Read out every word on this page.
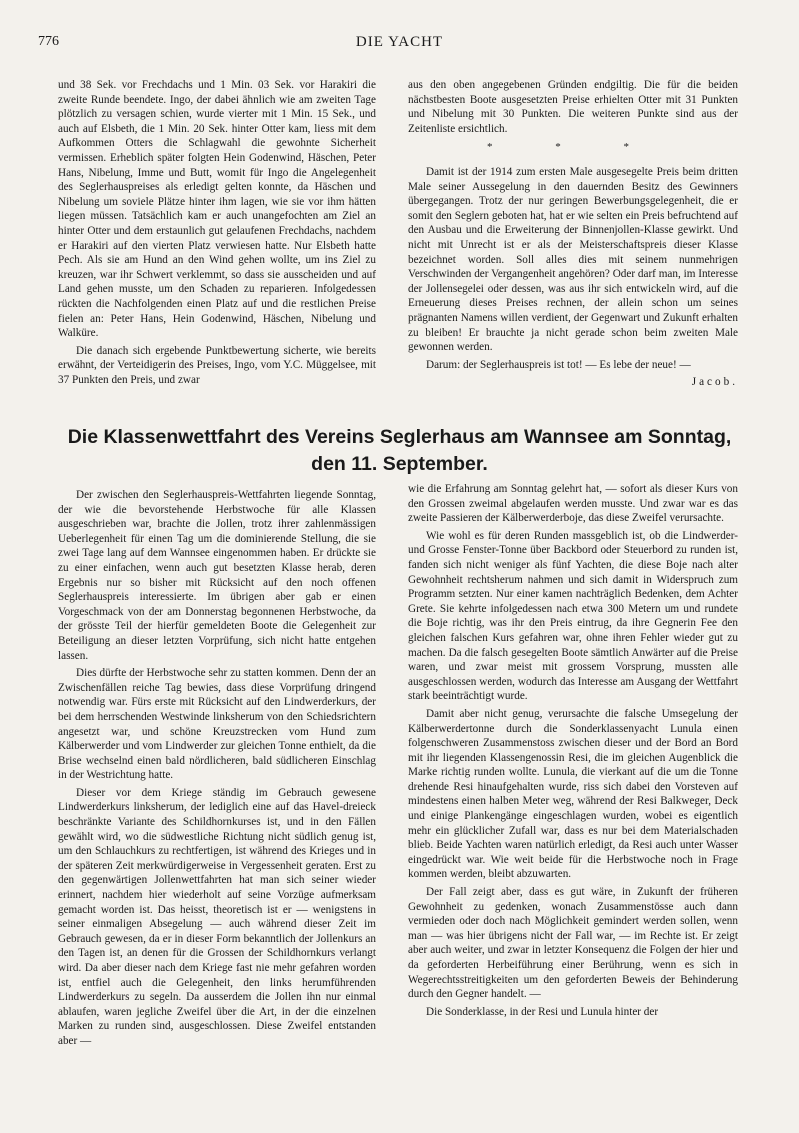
776	DIE YACHT

und 38 Sek. vor Frechdachs und 1 Min. 03 Sek. vor Harakiri die zweite Runde beendete. Ingo, der dabei ähnlich wie am zweiten Tage plötzlich zu versagen schien, wurde vierter mit 1 Min. 15 Sek., und auch auf Elsbeth, die 1 Min. 20 Sek. hinter Otter kam, liess mit dem Aufkommen Otters die Schlagwahl die gewohnte Sicherheit vermissen. Erheblich später folgten Hein Godenwind, Häschen, Peter Hans, Nibelung, Imme und Butt, womit für Ingo die Angelegenheit des Seglerhauspreises als erledigt gelten konnte, da Häschen und Nibelung um soviele Plätze hinter ihm lagen, wie sie vor ihm hätten liegen müssen. Tatsächlich kam er auch unangefochten am Ziel an hinter Otter und dem erstaunlich gut gelaufenen Frechdachs, nachdem er Harakiri auf den vierten Platz verwiesen hatte. Nur Elsbeth hatte Pech. Als sie am Hund an den Wind gehen wollte, um ins Ziel zu kreuzen, war ihr Schwert verklemmt, so dass sie ausscheiden und auf Land gehen musste, um den Schaden zu reparieren. Infolgedessen rückten die Nachfolgenden einen Platz auf und die restlichen Preise fielen an: Peter Hans, Hein Godenwind, Häschen, Nibelung und Walküre.

Die danach sich ergebende Punktbewertung sicherte, wie bereits erwähnt, der Verteidigerin des Preises, Ingo, vom Y.C. Müggelsee, mit 37 Punkten den Preis, und zwar

aus den oben angegebenen Gründen endgiltig. Die für die beiden nächstbesten Boote ausgesetzten Preise erhielten Otter mit 31 Punkten und Nibelung mit 30 Punkten. Die weiteren Punkte sind aus der Zeitenliste ersichtlich.

* * *

Damit ist der 1914 zum ersten Male ausgesegelte Preis beim dritten Male seiner Aussegelung in den dauernden Besitz des Gewinners übergegangen. Trotz der nur geringen Bewerbungsgelegenheit, die er somit den Seglern geboten hat, hat er wie selten ein Preis befruchtend auf den Ausbau und die Erweiterung der Binnenjollen-Klasse gewirkt. Und nicht mit Unrecht ist er als der Meisterschaftspreis dieser Klasse bezeichnet worden. Soll alles dies mit seinem nunmehrigen Verschwinden der Vergangenheit angehören? Oder darf man, im Interesse der Jollensegelei oder dessen, was aus ihr sich entwickeln wird, auf die Erneuerung dieses Preises rechnen, der allein schon um seines prägnanten Namens willen verdient, der Gegenwart und Zukunft erhalten zu bleiben! Er brauchte ja nicht gerade schon beim zweiten Male gewonnen werden.

Darum: der Seglerhauspreis ist tot! — Es lebe der neue! —

Jacob.
Die Klassenwettfahrt des Vereins Seglerhaus am Wannsee am Sonntag,
den 11. September.

Der zwischen den Seglerhauspreis-Wettfahrten liegende Sonntag, der wie die bevorstehende Herbstwoche für alle Klassen ausgeschrieben war, brachte die Jollen, trotz ihrer zahlenmässigen Ueberlegenheit für einen Tag um die dominierende Stellung, die sie zwei Tage lang auf dem Wannsee eingenommen haben. Er drückte sie zu einer einfachen, wenn auch gut besetzten Klasse herab, deren Ergebnis nur so bisher mit Rücksicht auf den noch offenen Seglerhauspreis interessierte. Im übrigen aber gab er einen Vorgeschmack von der am Donnerstag begonnenen Herbstwoche, da der grösste Teil der hierfür gemeldeten Boote die Gelegenheit zur Beteiligung an dieser letzten Vorprüfung, sich nicht hatte entgehen lassen.

Dies dürfte der Herbstwoche sehr zu statten kommen. Denn der an Zwischenfällen reiche Tag bewies, dass diese Vorprüfung dringend notwendig war. Fürs erste mit Rücksicht auf den Lindwerderkurs, der bei dem herrschenden Westwinde linksherum von den Schiedsrichtern angesetzt war, und schöne Kreuzstrecken vom Hund zum Kälberwerder und vom Lindwerder zur gleichen Tonne enthielt, da die Brise wechselnd einen bald nördlicheren, bald südlicheren Einschlag in der Westrichtung hatte.

Dieser vor dem Kriege ständig im Gebrauch gewesene Lindwerderkurs linksherum, der lediglich eine auf das Havel-dreieck beschränkte Variante des Schildhornkurses ist, und in den Fällen gewählt wird, wo die südwestliche Richtung nicht südlich genug ist, um den Schlauchkurs zu rechtfertigen, ist während des Krieges und in der späteren Zeit merkwürdigerweise in Vergessenheit geraten. Erst zu den gegenwärtigen Jollenwettfahrten hat man sich seiner wieder erinnert, nachdem hier wiederholt auf seine Vorzüge aufmerksam gemacht worden ist. Das heisst, theoretisch ist er — wenigstens in seiner einmaligen Absegelung — auch während dieser Zeit im Gebrauch gewesen, da er in dieser Form bekanntlich der Jollenkurs an den Tagen ist, an denen für die Grossen der Schildhornkurs verlangt wird. Da aber dieser nach dem Kriege fast nie mehr gefahren worden ist, entfiel auch die Gelegenheit, den links herumführenden Lindwerderkurs zu segeln. Da ausserdem die Jollen ihn nur einmal ablaufen, waren jegliche Zweifel über die Art, in der die einzelnen Marken zu runden sind, ausgeschlossen. Diese Zweifel entstanden aber —

wie die Erfahrung am Sonntag gelehrt hat, — sofort als dieser Kurs von den Grossen zweimal abgelaufen werden musste. Und zwar war es das zweite Passieren der Kälberwerderboje, das diese Zweifel verursachte.

Wie wohl es für deren Runden massgeblich ist, ob die Lindwerder- und Grosse Fenster-Tonne über Backbord oder Steuerbord zu runden ist, fanden sich nicht weniger als fünf Yachten, die diese Boje nach alter Gewohnheit rechtsherum nahmen und sich damit in Widerspruch zum Programm setzten. Nur einer kamen nachträglich Bedenken, dem Achter Grete. Sie kehrte infolgedessen nach etwa 300 Metern um und rundete die Boje richtig, was ihr den Preis eintrug, da ihre Gegnerin Fee den gleichen falschen Kurs gefahren war, ohne ihren Fehler wieder gut zu machen. Da die falsch gesegelten Boote sämtlich Anwärter auf die Preise waren, und zwar meist mit grossem Vorsprung, mussten alle ausgeschlossen werden, wodurch das Interesse am Ausgang der Wettfahrt stark beeinträchtigt wurde.

Damit aber nicht genug, verursachte die falsche Umsegelung der Kälberwerdertonne durch die Sonderklassenyacht Lunula einen folgenschweren Zusammenstoss zwischen dieser und der Bord an Bord mit ihr liegenden Klassengenossin Resi, die im gleichen Augenblick die Marke richtig runden wollte. Lunula, die vierkant auf die um die Tonne drehende Resi hinaufgehalten wurde, riss sich dabei den Vorsteven auf mindestens einen halben Meter weg, während der Resi Balkweger, Deck und einige Plankengänge eingeschlagen wurden, wobei es eigentlich mehr ein glücklicher Zufall war, dass es nur bei dem Materialschaden blieb. Beide Yachten waren natürlich erledigt, da Resi auch unter Wasser eingedrückt war. Wie weit beide für die Herbstwoche noch in Frage kommen werden, bleibt abzuwarten.

Der Fall zeigt aber, dass es gut wäre, in Zukunft der früheren Gewohnheit zu gedenken, wonach Zusammenstösse auch dann vermieden oder doch nach Möglichkeit gemindert werden sollen, wenn man — was hier übrigens nicht der Fall war, — im Rechte ist. Er zeigt aber auch weiter, und zwar in letzter Konsequenz die Folgen der hier und da geforderten Herbeiführung einer Berührung, wenn es sich in Wegerechtsstreitigkeiten um den geforderten Beweis der Behinderung durch den Gegner handelt. —

Die Sonderklasse, in der Resi und Lunula hinter der
